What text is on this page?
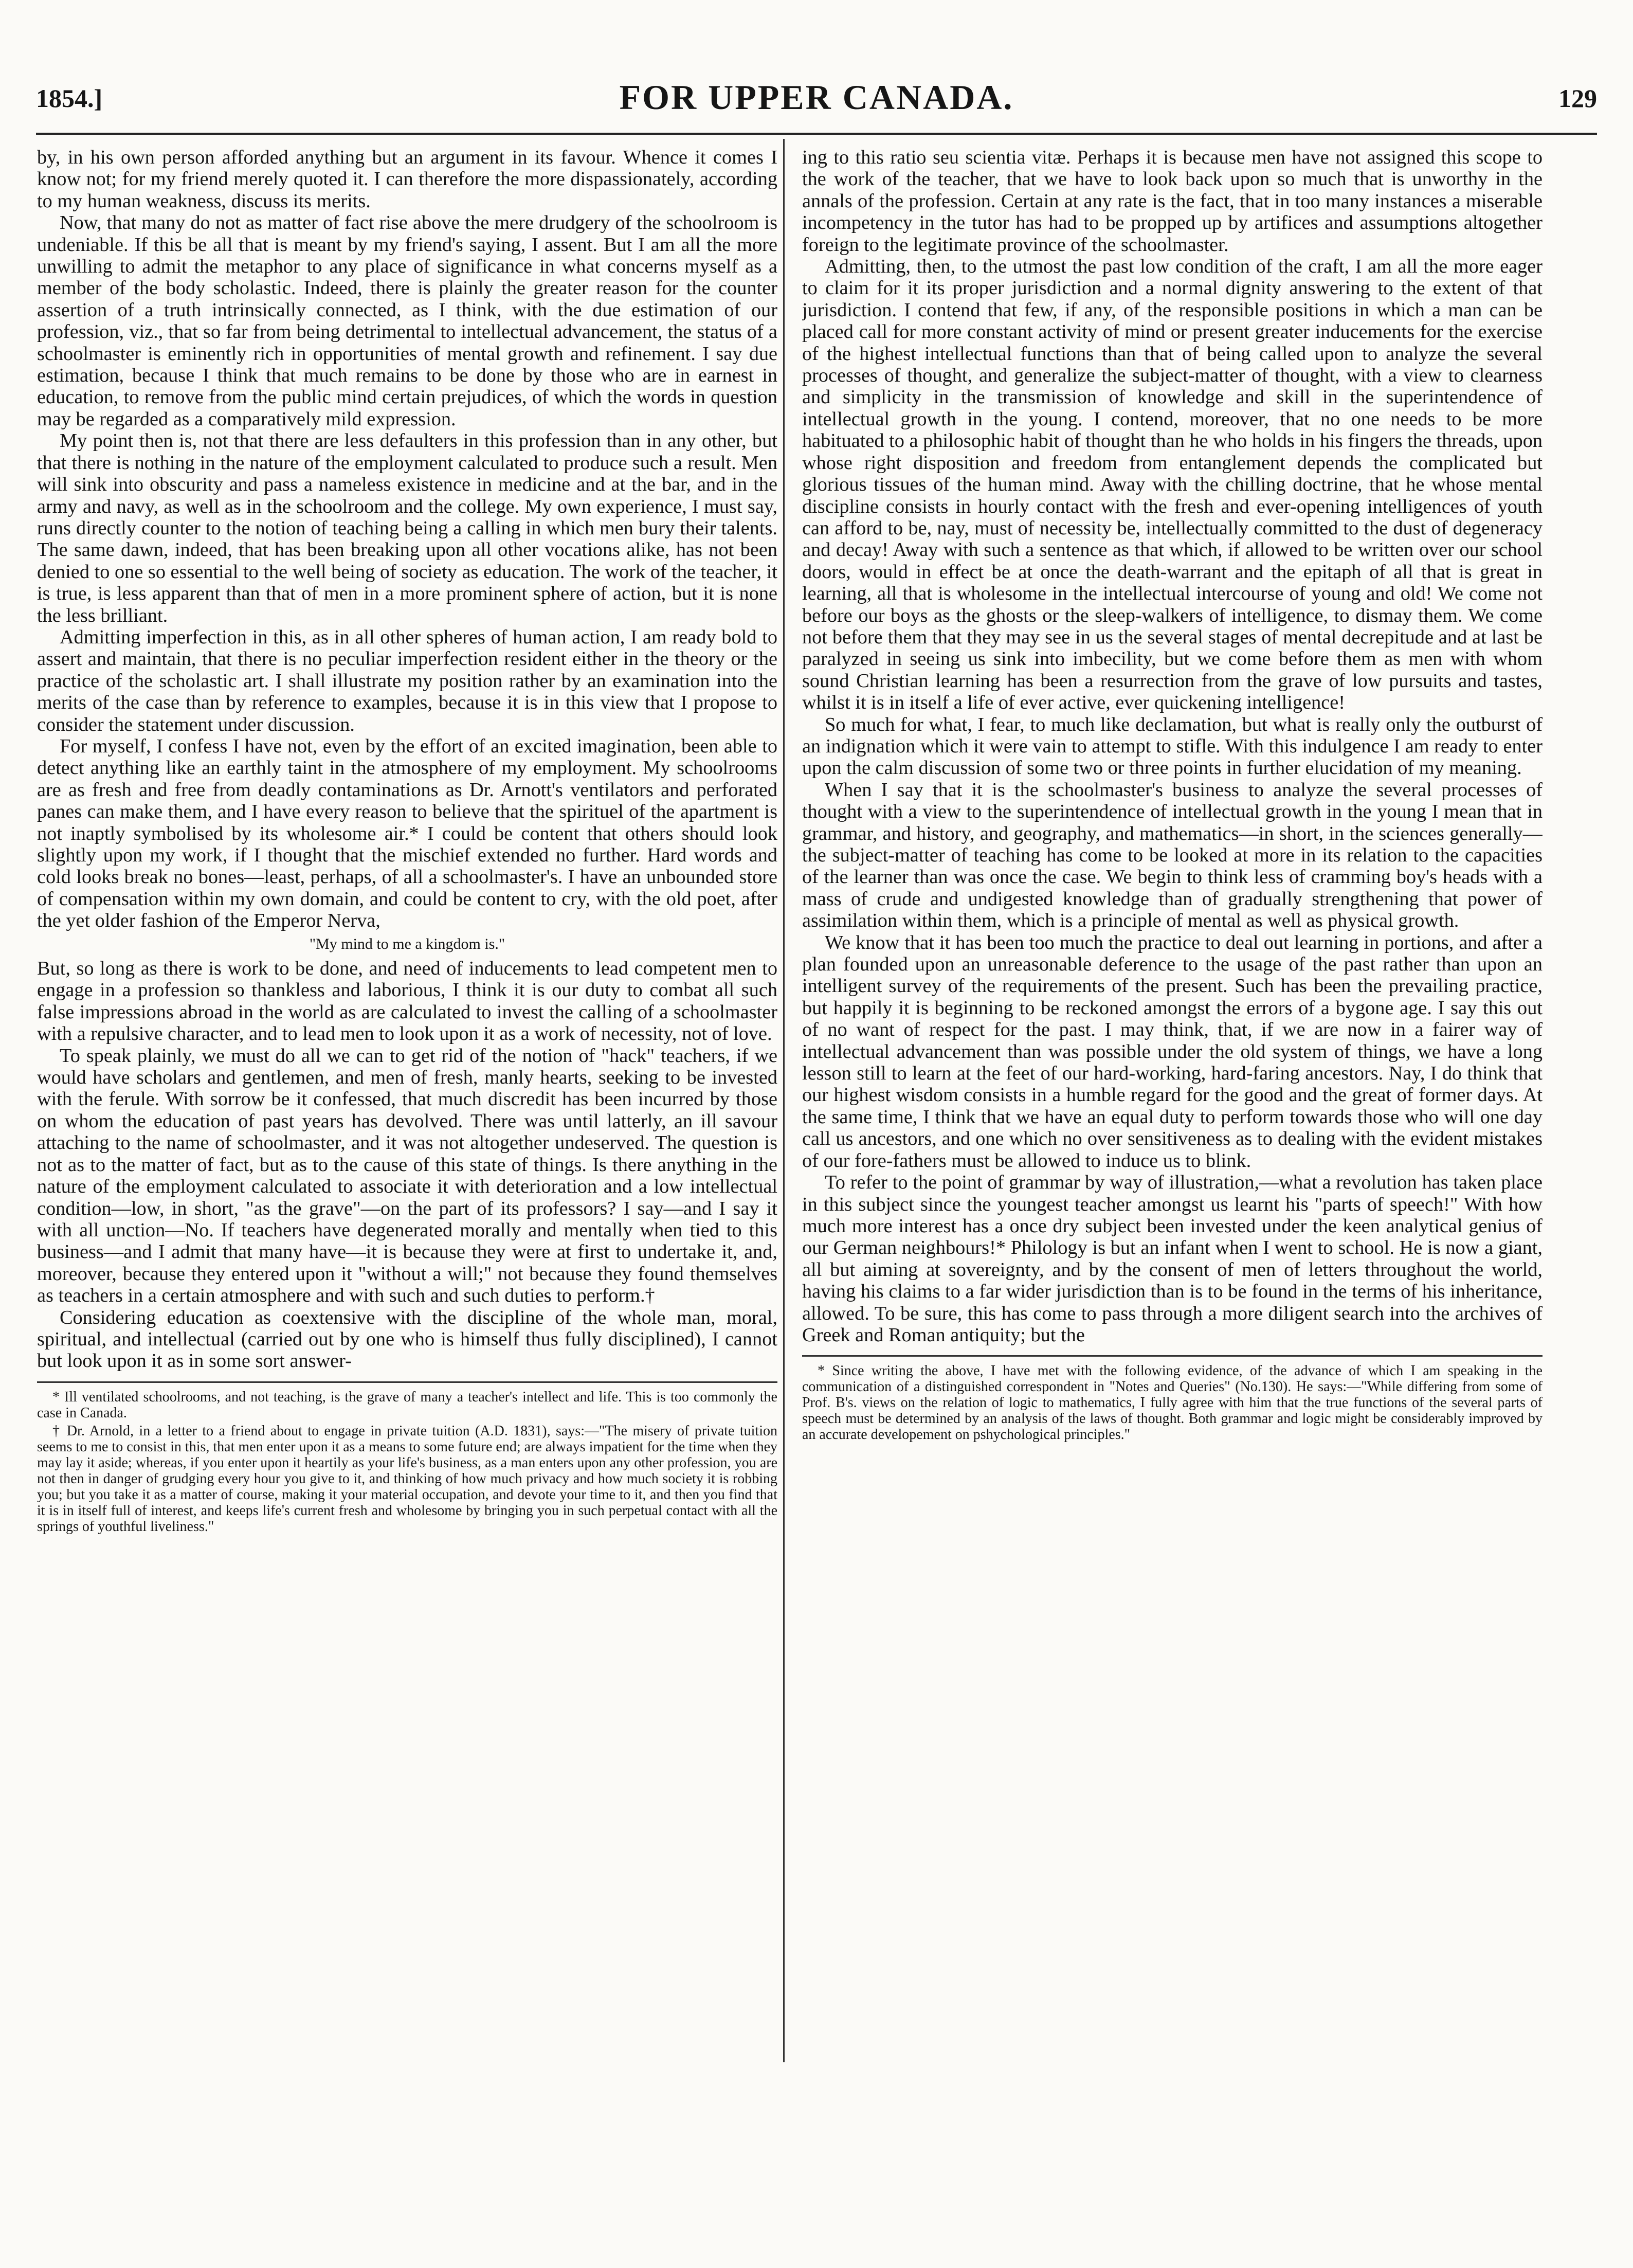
1854.]	FOR UPPER CANADA.	129

by, in his own person afforded anything but an argument in its favour. Whence it comes I know not; for my friend merely quoted it. I can therefore the more dispassionately, according to my human weakness, discuss its merits.

Now, that many do not as matter of fact rise above the mere drudgery of the schoolroom is undeniable. If this be all that is meant by my friend's saying, I assent. But I am all the more unwilling to admit the metaphor to any place of significance in what concerns myself as a member of the body scholastic. Indeed, there is plainly the greater reason for the counter assertion of a truth intrinsically connected, as I think, with the due estimation of our profession, viz., that so far from being detrimental to intellectual advancement, the status of a schoolmaster is eminently rich in opportunities of mental growth and refinement. I say due estimation, because I think that much remains to be done by those who are in earnest in education, to remove from the public mind certain prejudices, of which the words in question may be regarded as a comparatively mild expression.

My point then is, not that there are less defaulters in this profession than in any other, but that there is nothing in the nature of the employment calculated to produce such a result. Men will sink into obscurity and pass a nameless existence in medicine and at the bar, and in the army and navy, as well as in the schoolroom and the college. My own experience, I must say, runs directly counter to the notion of teaching being a calling in which men bury their talents. The same dawn, indeed, that has been breaking upon all other vocations alike, has not been denied to one so essential to the well being of society as education. The work of the teacher, it is true, is less apparent than that of men in a more prominent sphere of action, but it is none the less brilliant.

Admitting imperfection in this, as in all other spheres of human action, I am ready bold to assert and maintain, that there is no peculiar imperfection resident either in the theory or the practice of the scholastic art. I shall illustrate my position rather by an examination into the merits of the case than by reference to examples, because it is in this view that I propose to consider the statement under discussion.

For myself, I confess I have not, even by the effort of an excited imagination, been able to detect anything like an earthly taint in the atmosphere of my employment. My schoolrooms are as fresh and free from deadly contaminations as Dr. Arnott's ventilators and perforated panes can make them, and I have every reason to believe that the spirituel of the apartment is not inaptly symbolised by its wholesome air.* I could be content that others should look slightly upon my work, if I thought that the mischief extended no further. Hard words and cold looks break no bones—least, perhaps, of all a schoolmaster's. I have an unbounded store of compensation within my own domain, and could be content to cry, with the old poet, after the yet older fashion of the Emperor Nerva,

"My mind to me a kingdom is."

But, so long as there is work to be done, and need of inducements to lead competent men to engage in a profession so thankless and laborious, I think it is our duty to combat all such false impressions abroad in the world as are calculated to invest the calling of a schoolmaster with a repulsive character, and to lead men to look upon it as a work of necessity, not of love.

To speak plainly, we must do all we can to get rid of the notion of "hack" teachers, if we would have scholars and gentlemen, and men of fresh, manly hearts, seeking to be invested with the ferule. With sorrow be it confessed, that much discredit has been incurred by those on whom the education of past years has devolved. There was until latterly, an ill savour attaching to the name of schoolmaster, and it was not altogether undeserved. The question is not as to the matter of fact, but as to the cause of this state of things. Is there anything in the nature of the employment calculated to associate it with deterioration and a low intellectual condition—low, in short, "as the grave"—on the part of its professors? I say—and I say it with all unction—No. If teachers have degenerated morally and mentally when tied to this business—and I admit that many have—it is because they were at first to undertake it, and, moreover, because they entered upon it "without a will;" not because they found themselves as teachers in a certain atmosphere and with such and such duties to perform.†

Considering education as coextensive with the discipline of the whole man, moral, spiritual, and intellectual (carried out by one who is himself thus fully disciplined), I cannot but look upon it as in some sort answer-

* Ill ventilated schoolrooms, and not teaching, is the grave of many a teacher's intellect and life. This is too commonly the case in Canada.

† Dr. Arnold, in a letter to a friend about to engage in private tuition (A.D. 1831), says:—"The misery of private tuition seems to me to consist in this, that men enter upon it as a means to some future end; are always impatient for the time when they may lay it aside; whereas, if you enter upon it heartily as your life's business, as a man enters upon any other profession, you are not then in danger of grudging every hour you give to it, and thinking of how much privacy and how much society it is robbing you; but you take it as a matter of course, making it your material occupation, and devote your time to it, and then you find that it is in itself full of interest, and keeps life's current fresh and wholesome by bringing you in such perpetual contact with all the springs of youthful liveliness."

ing to this ratio seu scientia vitæ. Perhaps it is because men have not assigned this scope to the work of the teacher, that we have to look back upon so much that is unworthy in the annals of the profession. Certain at any rate is the fact, that in too many instances a miserable incompetency in the tutor has had to be propped up by artifices and assumptions altogether foreign to the legitimate province of the schoolmaster.

Admitting, then, to the utmost the past low condition of the craft, I am all the more eager to claim for it its proper jurisdiction and a normal dignity answering to the extent of that jurisdiction. I contend that few, if any, of the responsible positions in which a man can be placed call for more constant activity of mind or present greater inducements for the exercise of the highest intellectual functions than that of being called upon to analyze the several processes of thought, and generalize the subject-matter of thought, with a view to clearness and simplicity in the transmission of knowledge and skill in the superintendence of intellectual growth in the young. I contend, moreover, that no one needs to be more habituated to a philosophic habit of thought than he who holds in his fingers the threads, upon whose right disposition and freedom from entanglement depends the complicated but glorious tissues of the human mind. Away with the chilling doctrine, that he whose mental discipline consists in hourly contact with the fresh and ever-opening intelligences of youth can afford to be, nay, must of necessity be, intellectually committed to the dust of degeneracy and decay! Away with such a sentence as that which, if allowed to be written over our school doors, would in effect be at once the death-warrant and the epitaph of all that is great in learning, all that is wholesome in the intellectual intercourse of young and old! We come not before our boys as the ghosts or the sleep-walkers of intelligence, to dismay them. We come not before them that they may see in us the several stages of mental decrepitude and at last be paralyzed in seeing us sink into imbecility, but we come before them as men with whom sound Christian learning has been a resurrection from the grave of low pursuits and tastes, whilst it is in itself a life of ever active, ever quickening intelligence!

So much for what, I fear, to much like declamation, but what is really only the outburst of an indignation which it were vain to attempt to stifle. With this indulgence I am ready to enter upon the calm discussion of some two or three points in further elucidation of my meaning.

When I say that it is the schoolmaster's business to analyze the several processes of thought with a view to the superintendence of intellectual growth in the young I mean that in grammar, and history, and geography, and mathematics—in short, in the sciences generally—the subject-matter of teaching has come to be looked at more in its relation to the capacities of the learner than was once the case. We begin to think less of cramming boy's heads with a mass of crude and undigested knowledge than of gradually strengthening that power of assimilation within them, which is a principle of mental as well as physical growth.

We know that it has been too much the practice to deal out learning in portions, and after a plan founded upon an unreasonable deference to the usage of the past rather than upon an intelligent survey of the requirements of the present. Such has been the prevailing practice, but happily it is beginning to be reckoned amongst the errors of a bygone age. I say this out of no want of respect for the past. I may think, that, if we are now in a fairer way of intellectual advancement than was possible under the old system of things, we have a long lesson still to learn at the feet of our hard-working, hard-faring ancestors. Nay, I do think that our highest wisdom consists in a humble regard for the good and the great of former days. At the same time, I think that we have an equal duty to perform towards those who will one day call us ancestors, and one which no over sensitiveness as to dealing with the evident mistakes of our fore-fathers must be allowed to induce us to blink.

To refer to the point of grammar by way of illustration,—what a revolution has taken place in this subject since the youngest teacher amongst us learnt his "parts of speech!" With how much more interest has a once dry subject been invested under the keen analytical genius of our German neighbours!* Philology is but an infant when I went to school. He is now a giant, all but aiming at sovereignty, and by the consent of men of letters throughout the world, having his claims to a far wider jurisdiction than is to be found in the terms of his inheritance, allowed. To be sure, this has come to pass through a more diligent search into the archives of Greek and Roman antiquity; but the

* Since writing the above, I have met with the following evidence, of the advance of which I am speaking in the communication of a distinguished correspondent in "Notes and Queries" (No.130). He says:—"While differing from some of Prof. B's. views on the relation of logic to mathematics, I fully agree with him that the true functions of the several parts of speech must be determined by an analysis of the laws of thought. Both grammar and logic might be considerably improved by an accurate developement on pshychological principles."
